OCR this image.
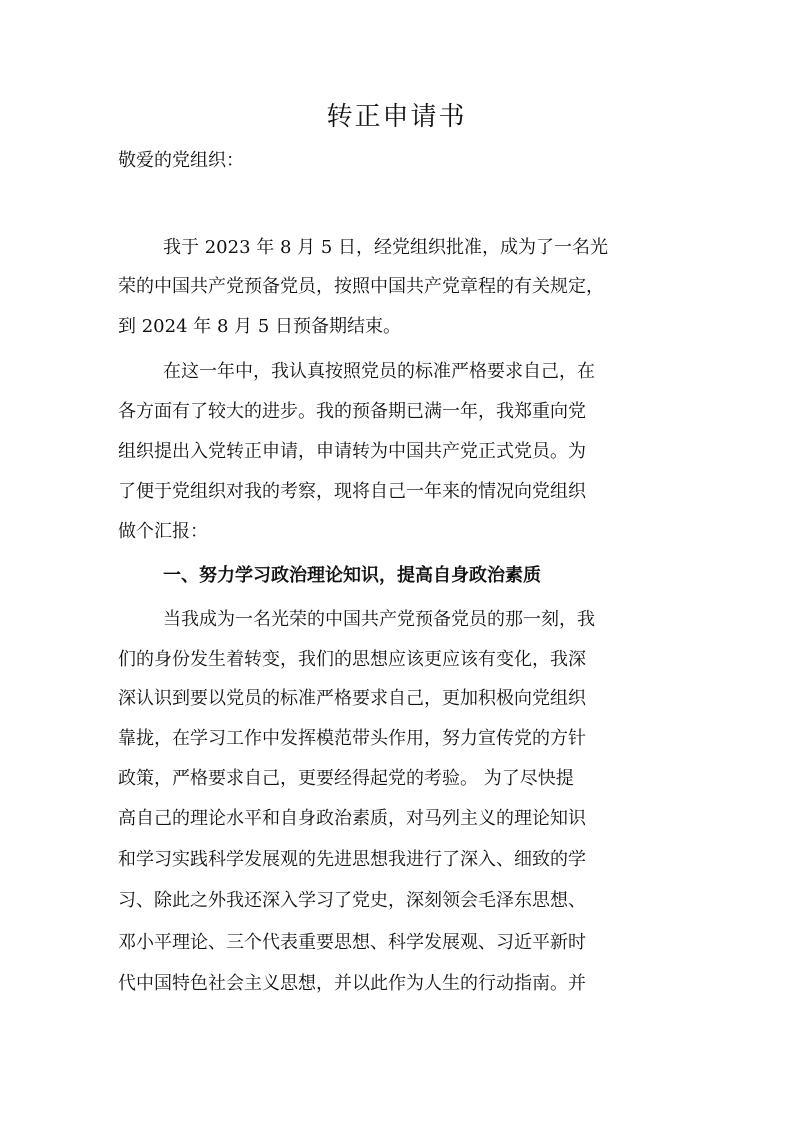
转正申请书

敬爱的党组织：

我于 2023 年 8 月 5 日，经党组织批准，成为了一名光

荣的中国共产党预备党员，按照中国共产党章程的有关规定，

到 2024 年 8 月 5 日预备期结束。

在这一年中，我认真按照党员的标准严格要求自己，在

各方面有了较大的进步。我的预备期已满一年，我郑重向党

组织提出入党转正申请，申请转为中国共产党正式党员。为

了便于党组织对我的考察，现将自己一年来的情况向党组织

做个汇报：

一、努力学习政治理论知识，提高自身政治素质

当我成为一名光荣的中国共产党预备党员的那一刻，我

们的身份发生着转变，我们的思想应该更应该有变化，我深

深认识到要以党员的标准严格要求自己，更加积极向党组织

靠拢，在学习工作中发挥模范带头作用，努力宣传党的方针

政策，严格要求自己，更要经得起党的考验。 为了尽快提

高自己的理论水平和自身政治素质，对马列主义的理论知识

和学习实践科学发展观的先进思想我进行了深入、细致的学

习、除此之外我还深入学习了党史，深刻领会毛泽东思想、

邓小平理论、三个代表重要思想、科学发展观、习近平新时

代中国特色社会主义思想，并以此作为人生的行动指南。并
